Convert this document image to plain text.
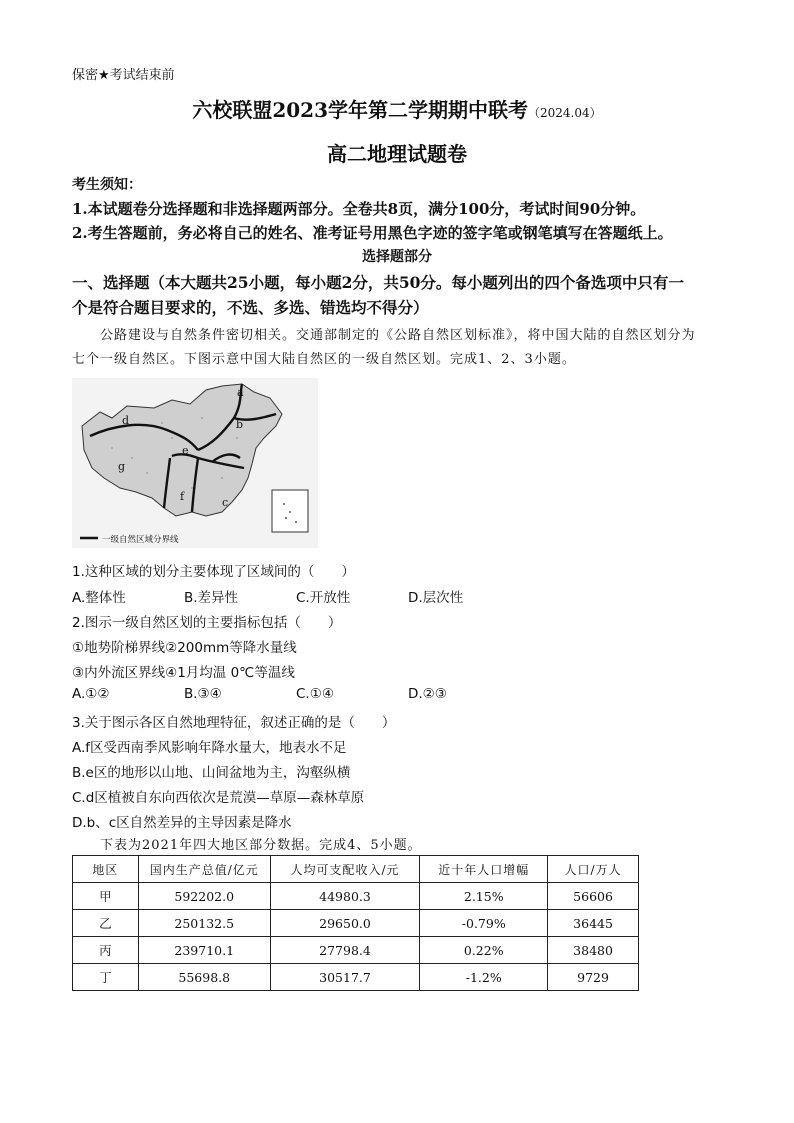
保密★考试结束前
六校联盟2023学年第二学期期中联考（2024.04）
高二地理试题卷
考生须知：
1.本试题卷分选择题和非选择题两部分。全卷共8页，满分100分，考试时间90分钟。
2.考生答题前，务必将自己的姓名、准考证号用黑色字迹的签字笔或钢笔填写在答题纸上。
选择题部分
一、选择题（本大题共25小题，每小题2分，共50分。每小题列出的四个备选项中只有一
个是符合题目要求的，不选、多选、错选均不得分）
公路建设与自然条件密切相关。交通部制定的《公路自然区划标准》，将中国大陆的自然区划分为
七个一级自然区。下图示意中国大陆自然区的一级自然区划。完成1、2、3小题。
a
b
c
d
e
f
g
一级自然区域分界线
1.这种区域的划分主要体现了区域间的（　　）
A.整体性	B.差异性	C.开放性	D.层次性
2.图示一级自然区划的主要指标包括（　　）
①地势阶梯界线②200mm等降水量线
③内外流区界线④1月均温 0℃等温线
A.①②	B.③④	C.①④	D.②③
3.关于图示各区自然地理特征，叙述正确的是（　　）
A.f区受西南季风影响年降水量大，地表水不足
B.e区的地形以山地、山间盆地为主，沟壑纵横
C.d区植被自东向西依次是荒漠—草原—森林草原
D.b、c区自然差异的主导因素是降水
下表为2021年四大地区部分数据。完成4、5小题。
地区	国内生产总值/亿元	人均可支配收入/元	近十年人口增幅	人口/万人
甲	592202.0	44980.3	2.15%	56606
乙	250132.5	29650.0	-0.79%	36445
丙	239710.1	27798.4	0.22%	38480
丁	55698.8	30517.7	-1.2%	9729
